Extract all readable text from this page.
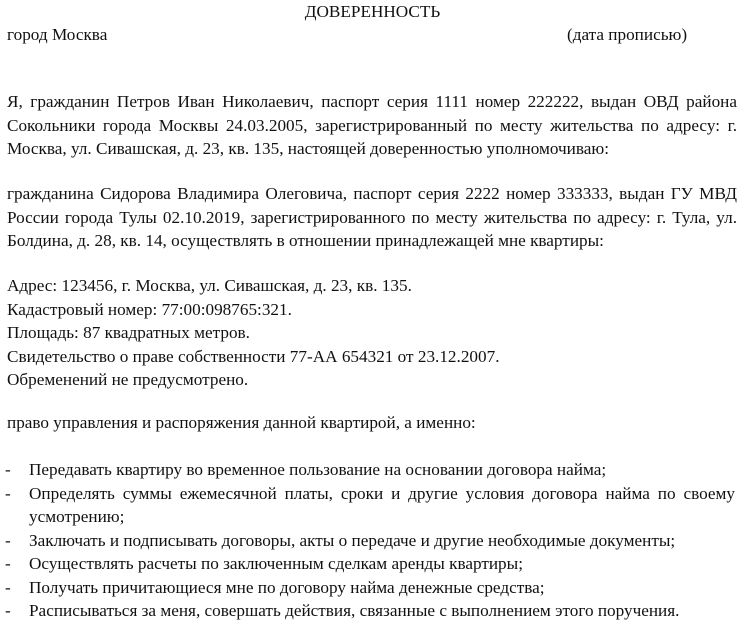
ДОВЕРЕННОСТЬ
город Москва	(дата прописью)
Я, гражданин Петров Иван Николаевич, паспорт серия 1111 номер 222222, выдан ОВД района Сокольники города Москвы 24.03.2005, зарегистрированный по месту жительства по адресу: г. Москва, ул. Сивашская, д. 23, кв. 135, настоящей доверенностью уполномочиваю:
гражданина Сидорова Владимира Олеговича, паспорт серия 2222 номер 333333, выдан ГУ МВД России города Тулы 02.10.2019, зарегистрированного по месту жительства по адресу: г. Тула, ул. Болдина, д. 28, кв. 14, осуществлять в отношении принадлежащей мне квартиры:
Адрес: 123456, г. Москва, ул. Сивашская, д. 23, кв. 135.
Кадастровый номер: 77:00:098765:321.
Площадь: 87 квадратных метров.
Свидетельство о праве собственности 77-АА 654321 от 23.12.2007.
Обременений не предусмотрено.
право управления и распоряжения данной квартирой, а именно:
- Передавать квартиру во временное пользование на основании договора найма;
- Определять суммы ежемесячной платы, сроки и другие условия договора найма по своему усмотрению;
- Заключать и подписывать договоры, акты о передаче и другие необходимые документы;
- Осуществлять расчеты по заключенным сделкам аренды квартиры;
- Получать причитающиеся мне по договору найма денежные средства;
- Расписываться за меня, совершать действия, связанные с выполнением этого поручения.
